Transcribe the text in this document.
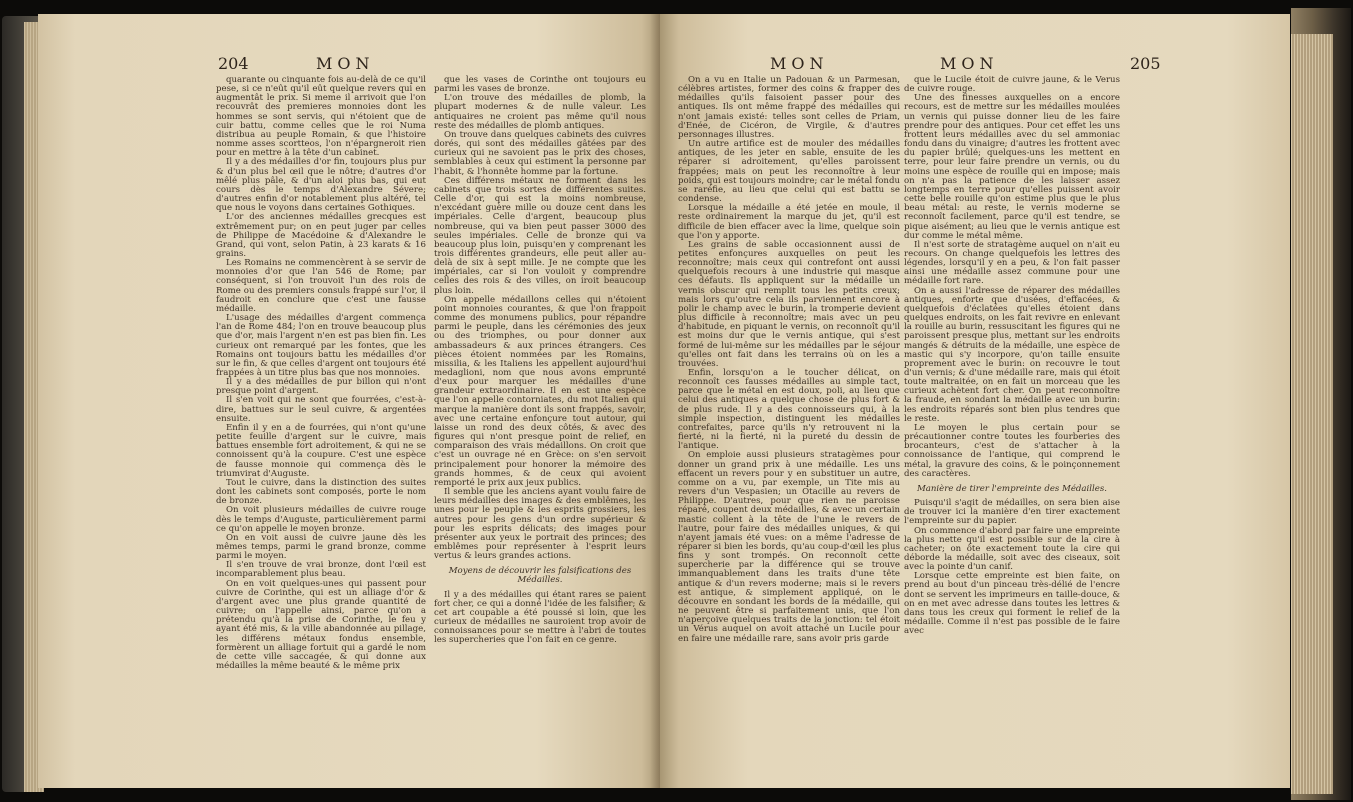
204	MON

quarante ou cinquante fois au-delà de ce qu'il pese, si ce n'eût qu'il eût quelque revers qui en augmentât le prix. Si meme il arrivoit que l'on recouvrât des premieres monnoies dont les hommes se sont servis, qui n'étoient que de cuir battu, comme celles que le roi Numa distribua au peuple Romain, & que l'histoire nomme asses scortteos, l'on n'épargneroit rien pour en mettre à la tête d'un cabinet.

Il y a des médailles d'or fin, toujours plus pur & d'un plus bel œil que le nôtre; d'autres d'or mêlé plus pâle, & d'un aloi plus bas, qui eut cours dès le temps d'Alexandre Sévere; d'autres enfin d'or notablement plus altéré, tel que nous le voyons dans certaines Gothiques.

L'or des anciennes médailles grecques est extrêmement pur; on en peut juger par celles de Philippe de Macédoine & d'Alexandre le Grand, qui vont, selon Patin, à 23 karats & 16 grains.

Les Romains ne commencèrent à se servir de monnoies d'or que l'an 546 de Rome; par conséquent, si l'on trouvoit l'un des rois de Rome ou des premiers consuls frappé sur l'or, il faudroit en conclure que c'est une fausse médaille.

L'usage des médailles d'argent commença l'an de Rome 484; l'on en trouve beaucoup plus que d'or, mais l'argent n'en est pas bien fin. Les curieux ont remarqué par les fontes, que les Romains ont toujours battu les médailles d'or sur le fin, & que celles d'argent ont toujours été frappées à un titre plus bas que nos monnoies.

Il y a des médailles de pur billon qui n'ont presque point d'argent.

Il s'en voit qui ne sont que fourrées, c'est-à-dire, battues sur le seul cuivre, & argentées ensuite.

Enfin il y en a de fourrées, qui n'ont qu'une petite feuille d'argent sur le cuivre, mais battues ensemble fort adroitement, & qui ne se connoissent qu'à la coupure. C'est une espèce de fausse monnoie qui commença dès le triumvirat d'Auguste.

Tout le cuivre, dans la distinction des suites dont les cabinets sont composés, porte le nom de bronze.

On voit plusieurs médailles de cuivre rouge dès le temps d'Auguste, particulièrement parmi ce qu'on appelle le moyen bronze.

On en voit aussi de cuivre jaune dès les mêmes temps, parmi le grand bronze, comme parmi le moyen.

Il s'en trouve de vrai bronze, dont l'œil est incomparablement plus beau.

On en voit quelques-unes qui passent pour cuivre de Corinthe, qui est un alliage d'or & d'argent avec une plus grande quantité de cuivre; on l'appelle ainsi, parce qu'on a prétendu qu'à la prise de Corinthe, le feu y ayant été mis, & la ville abandonnée au pillage, les différens métaux fondus ensemble, formèrent un alliage fortuit qui a gardé le nom de cette ville saccagée, & qui donne aux médailles la même beauté & le même prix

que les vases de Corinthe ont toujours eu parmi les vases de bronze.

L'on trouve des médailles de plomb, la plupart modernes & de nulle valeur. Les antiquaires ne croient pas même qu'il nous reste des médailles de plomb antiques.

On trouve dans quelques cabinets des cuivres dorés, qui sont des médailles gâtées par des curieux qui ne savoient pas le prix des choses, semblables à ceux qui estiment la personne par l'habit, & l'honnête homme par la fortune.

Ces différens métaux ne forment dans les cabinets que trois sortes de différentes suites. Celle d'or, qui est la moins nombreuse, n'excédant guère mille ou douze cent dans les impériales. Celle d'argent, beaucoup plus nombreuse, qui va bien peut passer 3000 des seules impériales. Celle de bronze qui va beaucoup plus loin, puisqu'en y comprenant les trois différentes grandeurs, elle peut aller au-delà de six à sept mille. Je ne compte que les impériales, car si l'on vouloit y comprendre celles des rois & des villes, on iroit beaucoup plus loin.

On appelle médaillons celles qui n'étoient point monnoies courantes, & que l'on frappoit comme des monumens publics, pour répandre parmi le peuple, dans les cérémonies des jeux ou des triomphes, ou pour donner aux ambassadeurs & aux princes étrangers. Ces pièces étoient nommées par les Romains, missilia, & les Italiens les appellent aujourd'hui medaglioni, nom que nous avons emprunté d'eux pour marquer les médailles d'une grandeur extraordinaire. Il en est une espèce que l'on appelle contorniates, du mot Italien qui marque la manière dont ils sont frappés, savoir, avec une certaine enfonçure tout autour, qui laisse un rond des deux côtés, & avec des figures qui n'ont presque point de relief, en comparaison des vrais médaillons. On croit que c'est un ouvrage né en Grèce: on s'en servoit principalement pour honorer la mémoire des grands hommes, & de ceux qui avoient remporté le prix aux jeux publics.

Il semble que les anciens ayant voulu faire de leurs médailles des images & des emblêmes, les unes pour le peuple & les esprits grossiers, les autres pour les gens d'un ordre supérieur & pour les esprits délicats; des images pour présenter aux yeux le portrait des princes; des emblêmes pour représenter à l'esprit leurs vertus & leurs grandes actions.

Moyens de découvrir les falsifications des Médailles.

Il y a des médailles qui étant rares se paient fort cher, ce qui a donné l'idée de les falsifier; & cet art coupable a été poussé si loin, que les curieux de médailles ne sauroient trop avoir de connoissances pour se mettre à l'abri de toutes les supercheries que l'on fait en ce genre.

MON	MON	205

On a vu en Italie un Padouan & un Parmesan, célèbres artistes, former des coins & frapper des médailles qu'ils faisoient passer pour des antiques. Ils ont même frappé des médailles qui n'ont jamais existé: telles sont celles de Priam, d'Enée, de Cicéron, de Virgile, & d'autres personnages illustres.

Un autre artifice est de mouler des médailles antiques, de les jeter en sable, ensuite de les réparer si adroitement, qu'elles paroissent frappées; mais on peut les reconnoître à leur poids, qui est toujours moindre; car le métal fondu se raréfie, au lieu que celui qui est battu se condense.

Lorsque la médaille a été jetée en moule, il reste ordinairement la marque du jet, qu'il est difficile de bien effacer avec la lime, quelque soin que l'on y apporte.

Les grains de sable occasionnent aussi de petites enfonçures auxquelles on peut les reconnoître; mais ceux qui contrefont ont aussi quelquefois recours à une industrie qui masque ces défauts. Ils appliquent sur la médaille un vernis obscur qui remplit tous les petits creux; mais lors qu'outre cela ils parviennent encore à polir le champ avec le burin, la tromperie devient plus difficile à reconnoître; mais avec un peu d'habitude, en piquant le vernis, on reconnoît qu'il est moins dur que le vernis antique, qui s'est formé de lui-même sur les médailles par le séjour qu'elles ont fait dans les terrains où on les a trouvées.

Enfin, lorsqu'on a le toucher délicat, on reconnoît ces fausses médailles au simple tact, parce que le métal en est doux, poli, au lieu que celui des antiques a quelque chose de plus fort & de plus rude. Il y a des connoisseurs qui, à la simple inspection, distinguent les médailles contrefaites, parce qu'ils n'y retrouvent ni la fierté, ni la fierté, ni la pureté du dessin de l'antique.

On emploie aussi plusieurs stratagèmes pour donner un grand prix à une médaille. Les uns effacent un revers pour y en substituer un autre, comme on a vu, par exemple, un Tite mis au revers d'un Vespasien; un Otacille au revers de Philippe. D'autres, pour que rien ne paroisse réparé, coupent deux médailles, & avec un certain mastic collent à la tête de l'une le revers de l'autre, pour faire des médailles uniques, & qui n'ayent jamais été vues: on a même l'adresse de réparer si bien les bords, qu'au coup-d'œil les plus fins y sont trompés. On reconnoît cette supercherie par la différence qui se trouve immanquablement dans les traits d'une tête antique & d'un revers moderne; mais si le revers est antique, & simplement appliqué, on le découvre en sondant les bords de la médaille, qui ne peuvent être si parfaitement unis, que l'on n'aperçoive quelques traits de la jonction: tel étoit un Vérus auquel on avoit attaché un Lucile pour en faire une médaille rare, sans avoir pris garde

que le Lucile étoit de cuivre jaune, & le Verus de cuivre rouge.

Une des finesses auxquelles on a encore recours, est de mettre sur les médailles moulées un vernis qui puisse donner lieu de les faire prendre pour des antiques. Pour cet effet les uns frottent leurs médailles avec du sel ammoniac fondu dans du vinaigre; d'autres les frottent avec du papier brûlé; quelques-uns les mettent en terre, pour leur faire prendre un vernis, ou du moins une espèce de rouille qui en impose; mais on n'a pas la patience de les laisser assez longtemps en terre pour qu'elles puissent avoir cette belle rouille qu'on estime plus que le plus beau métal: au reste, le vernis moderne se reconnoît facilement, parce qu'il est tendre, se pique aisément; au lieu que le vernis antique est dur comme le métal même.

Il n'est sorte de stratagème auquel on n'ait eu recours. On change quelquefois les lettres des légendes, lorsqu'il y en a peu, & l'on fait passer ainsi une médaille assez commune pour une médaille fort rare.

On a aussi l'adresse de réparer des médailles antiques, enforte que d'usées, d'effacées, & quelquefois d'éclatées qu'elles étoient dans quelques endroits, on les fait revivre en enlevant la rouille au burin, ressuscitant les figures qui ne paroissent presque plus, mettant sur les endroits mangés & détruits de la médaille, une espèce de mastic qui s'y incorpore, qu'on taille ensuite proprement avec le burin: on recouvre le tout d'un vernis; & d'une médaille rare, mais qui étoit toute maltraitée, on en fait un morceau que les curieux achètent fort cher. On peut reconnoître la fraude, en sondant la médaille avec un burin: les endroits réparés sont bien plus tendres que le reste.

Le moyen le plus certain pour se précautionner contre toutes les fourberies des brocanteurs, c'est de s'attacher à la connoissance de l'antique, qui comprend le métal, la gravure des coins, & le poinçonnement des caractères.

Manière de tirer l'empreinte des Médailles.

Puisqu'il s'agit de médailles, on sera bien aise de trouver ici la manière d'en tirer exactement l'empreinte sur du papier.

On commence d'abord par faire une empreinte la plus nette qu'il est possible sur de la cire à cacheter; on ôte exactement toute la cire qui déborde la médaille, soit avec des ciseaux, soit avec la pointe d'un canif.

Lorsque cette empreinte est bien faite, on prend au bout d'un pinceau très-délié de l'encre dont se servent les imprimeurs en taille-douce, & on en met avec adresse dans toutes les lettres & dans tous les creux qui forment le relief de la médaille. Comme il n'est pas possible de le faire avec
